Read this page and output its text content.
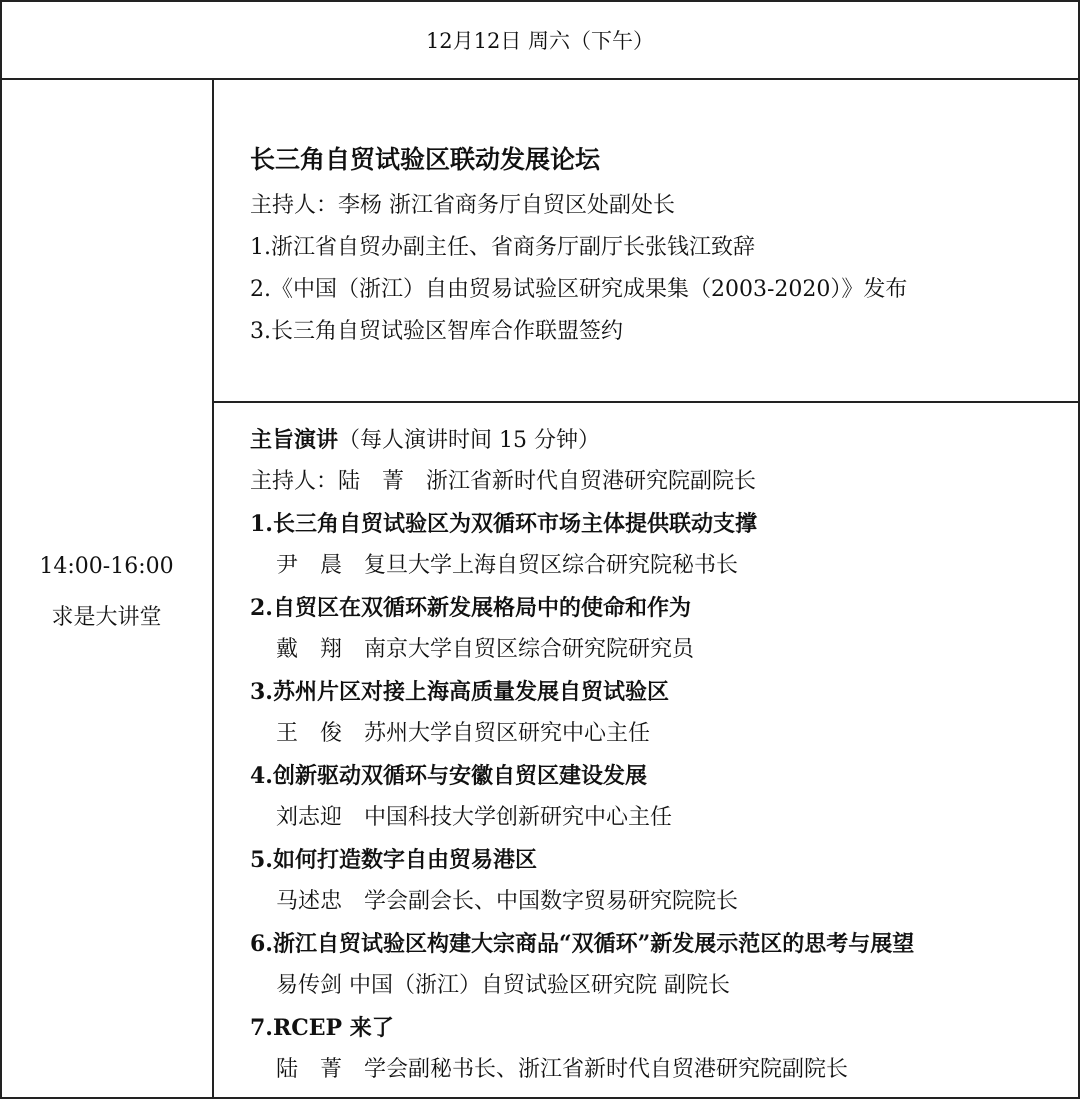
12月12日 周六（下午）
14:00-16:00
求是大讲堂
长三角自贸试验区联动发展论坛
主持人：李杨 浙江省商务厅自贸区处副处长
1.浙江省自贸办副主任、省商务厅副厅长张钱江致辞
2.《中国（浙江）自由贸易试验区研究成果集（2003-2020）》发布
3.长三角自贸试验区智库合作联盟签约
主旨演讲（每人演讲时间 15 分钟）
主持人：陆　菁　浙江省新时代自贸港研究院副院长
1.长三角自贸试验区为双循环市场主体提供联动支撑
尹　晨　复旦大学上海自贸区综合研究院秘书长
2.自贸区在双循环新发展格局中的使命和作为
戴　翔　南京大学自贸区综合研究院研究员
3.苏州片区对接上海高质量发展自贸试验区
王　俊　苏州大学自贸区研究中心主任
4.创新驱动双循环与安徽自贸区建设发展
刘志迎　中国科技大学创新研究中心主任
5.如何打造数字自由贸易港区
马述忠　学会副会长、中国数字贸易研究院院长
6.浙江自贸试验区构建大宗商品“双循环”新发展示范区的思考与展望
易传剑 中国（浙江）自贸试验区研究院 副院长
7.RCEP 来了
陆　菁　学会副秘书长、浙江省新时代自贸港研究院副院长
